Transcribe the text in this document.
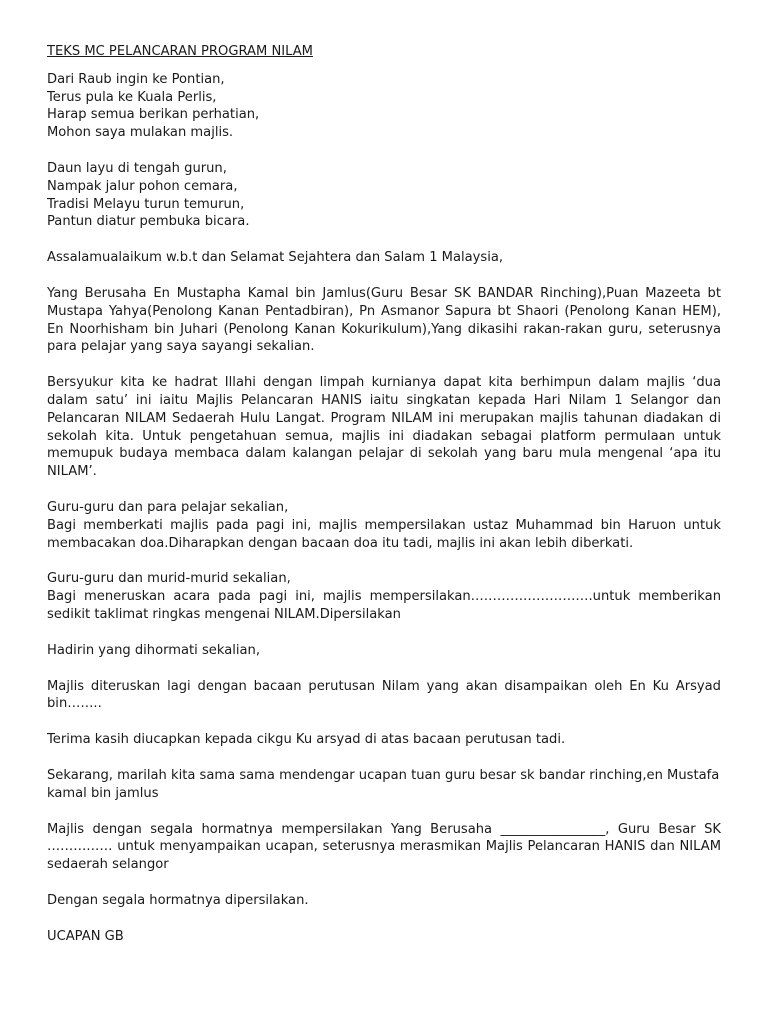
TEKS MC PELANCARAN PROGRAM NILAM
Dari Raub ingin ke Pontian,
Terus pula ke Kuala Perlis,
Harap semua berikan perhatian,
Mohon saya mulakan majlis.
Daun layu di tengah gurun,
Nampak jalur pohon cemara,
Tradisi Melayu turun temurun,
Pantun diatur pembuka bicara.
Assalamualaikum w.b.t dan Selamat Sejahtera dan Salam 1 Malaysia,
Yang Berusaha En Mustapha Kamal bin Jamlus(Guru Besar SK BANDAR Rinching),Puan Mazeeta bt Mustapa Yahya(Penolong Kanan Pentadbiran), Pn Asmanor Sapura bt Shaori (Penolong Kanan HEM), En Noorhisham bin Juhari (Penolong Kanan Kokurikulum),Yang dikasihi rakan-rakan guru, seterusnya para pelajar yang saya sayangi sekalian.
Bersyukur kita ke hadrat Illahi dengan limpah kurnianya dapat kita berhimpun dalam majlis ‘dua dalam satu’ ini iaitu Majlis Pelancaran HANIS iaitu singkatan kepada Hari Nilam 1 Selangor dan Pelancaran NILAM Sedaerah Hulu Langat. Program NILAM ini merupakan majlis tahunan diadakan di sekolah kita. Untuk pengetahuan semua, majlis ini diadakan sebagai platform permulaan untuk memupuk budaya membaca dalam kalangan pelajar di sekolah yang baru mula mengenal ‘apa itu NILAM’.
Guru-guru dan para pelajar sekalian,
Bagi memberkati majlis pada pagi ini, majlis mempersilakan ustaz Muhammad bin Haruon untuk membacakan doa.Diharapkan dengan bacaan doa itu tadi, majlis ini akan lebih diberkati.
Guru-guru dan murid-murid sekalian,
Bagi meneruskan acara pada pagi ini, majlis mempersilakan……………………….untuk memberikan sedikit taklimat ringkas mengenai NILAM.Dipersilakan
Hadirin yang dihormati sekalian,
Majlis diteruskan lagi dengan bacaan perutusan Nilam yang akan disampaikan oleh En Ku Arsyad bin……..
Terima kasih diucapkan kepada cikgu Ku arsyad di atas bacaan perutusan tadi.
Sekarang, marilah kita sama sama mendengar ucapan tuan guru besar sk bandar rinching,en Mustafa kamal bin jamlus
Majlis dengan segala hormatnya mempersilakan Yang Berusaha ________________, Guru Besar SK …………… untuk menyampaikan ucapan, seterusnya merasmikan Majlis Pelancaran HANIS dan NILAM sedaerah selangor
Dengan segala hormatnya dipersilakan.
UCAPAN GB
